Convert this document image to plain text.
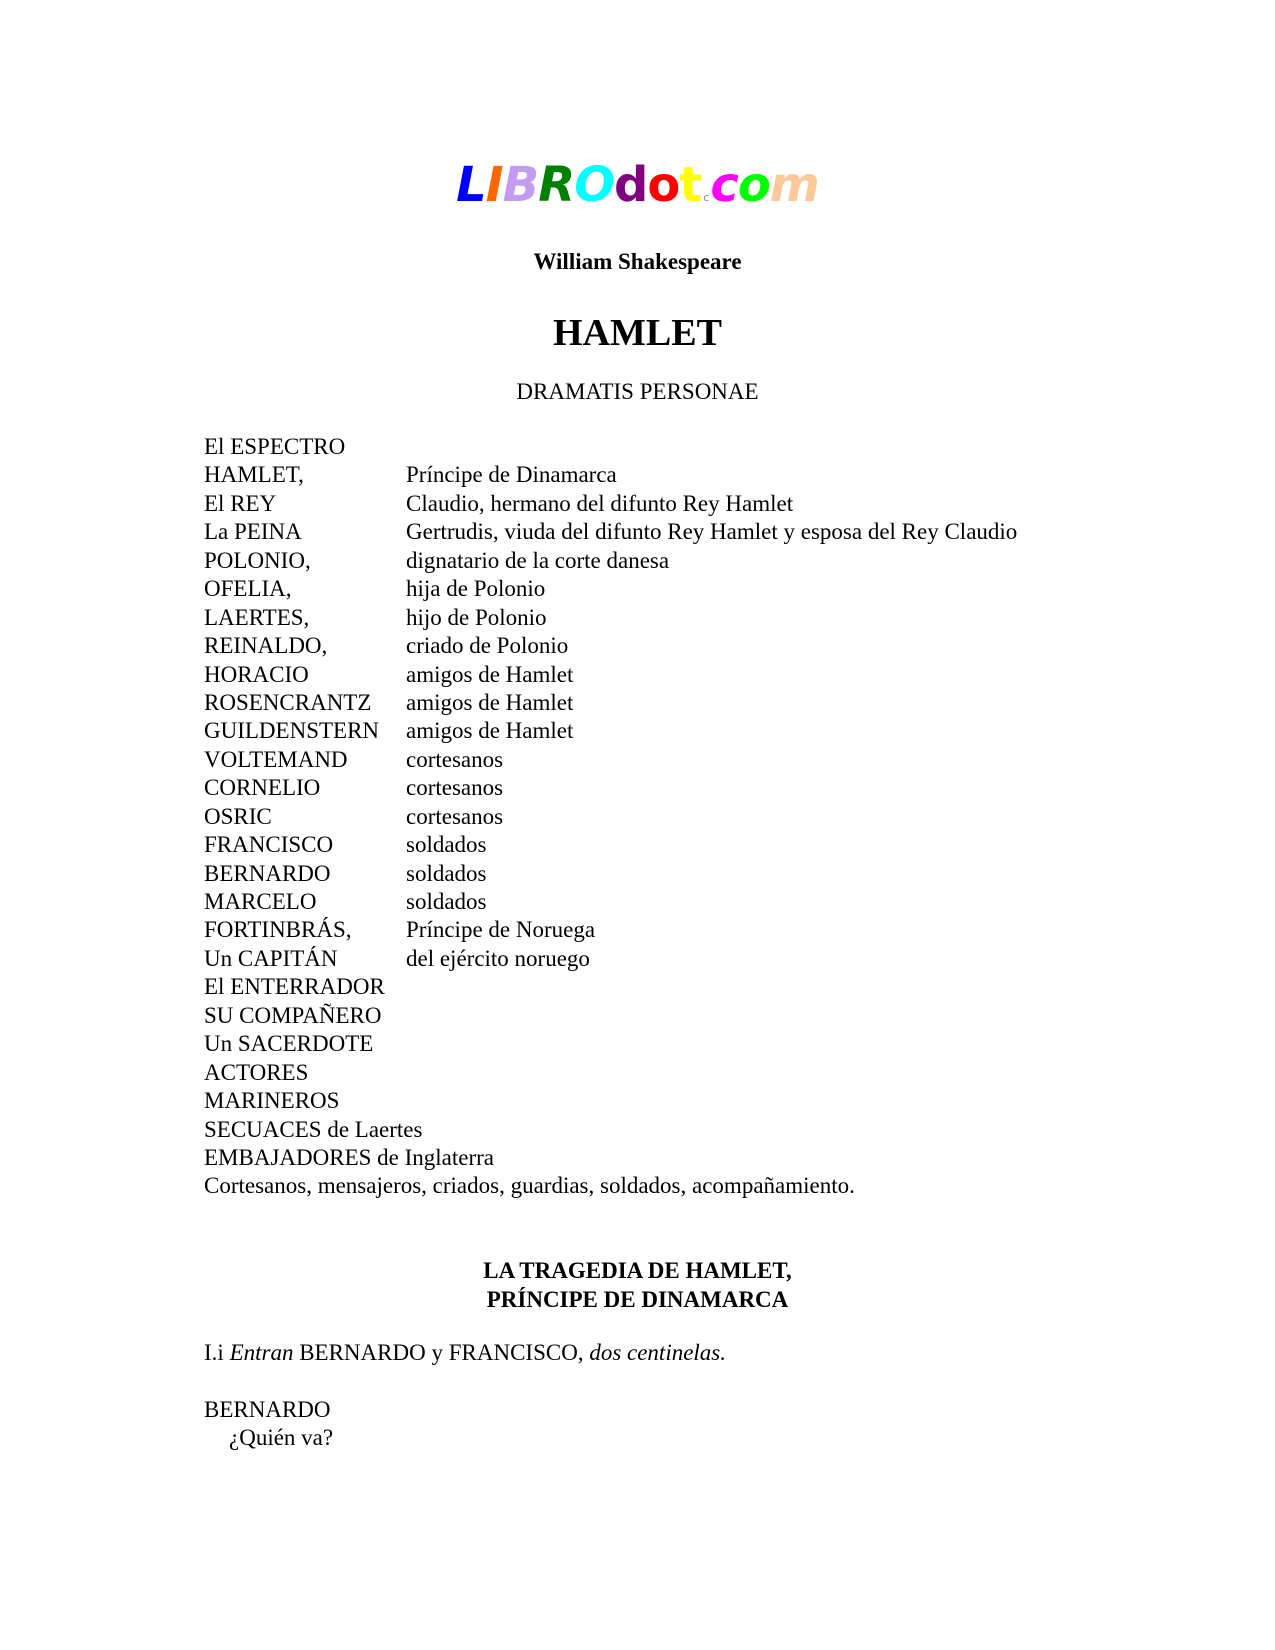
LIBROdot ccom
William Shakespeare
HAMLET
DRAMATIS PERSONAE
El ESPECTRO
HAMLET,	Príncipe de Dinamarca
El REY	Claudio, hermano del difunto Rey Hamlet
La PEINA	Gertrudis, viuda del difunto Rey Hamlet y esposa del Rey Claudio
POLONIO,	dignatario de la corte danesa
OFELIA,	hija de Polonio
LAERTES,	hijo de Polonio
REINALDO,	criado de Polonio
HORACIO	amigos de Hamlet
ROSENCRANTZ amigos de Hamlet
GUILDENSTERN amigos de Hamlet
VOLTEMAND	cortesanos
CORNELIO	cortesanos
OSRIC	cortesanos
FRANCISCO	soldados
BERNARDO	soldados
MARCELO	soldados
FORTINBRÁS, Príncipe de Noruega
Un CAPITÁN	del ejército noruego
El ENTERRADOR
SU COMPAÑERO
Un SACERDOTE
ACTORES
MARINEROS
SECUACES de Laertes
EMBAJADORES de Inglaterra
Cortesanos, mensajeros, criados, guardias, soldados, acompañamiento.
LA TRAGEDIA DE HAMLET,
PRÍNCIPE DE DINAMARCA
I.i Entran BERNARDO y FRANCISCO, dos centinelas.
BERNARDO
¿Quién va?
